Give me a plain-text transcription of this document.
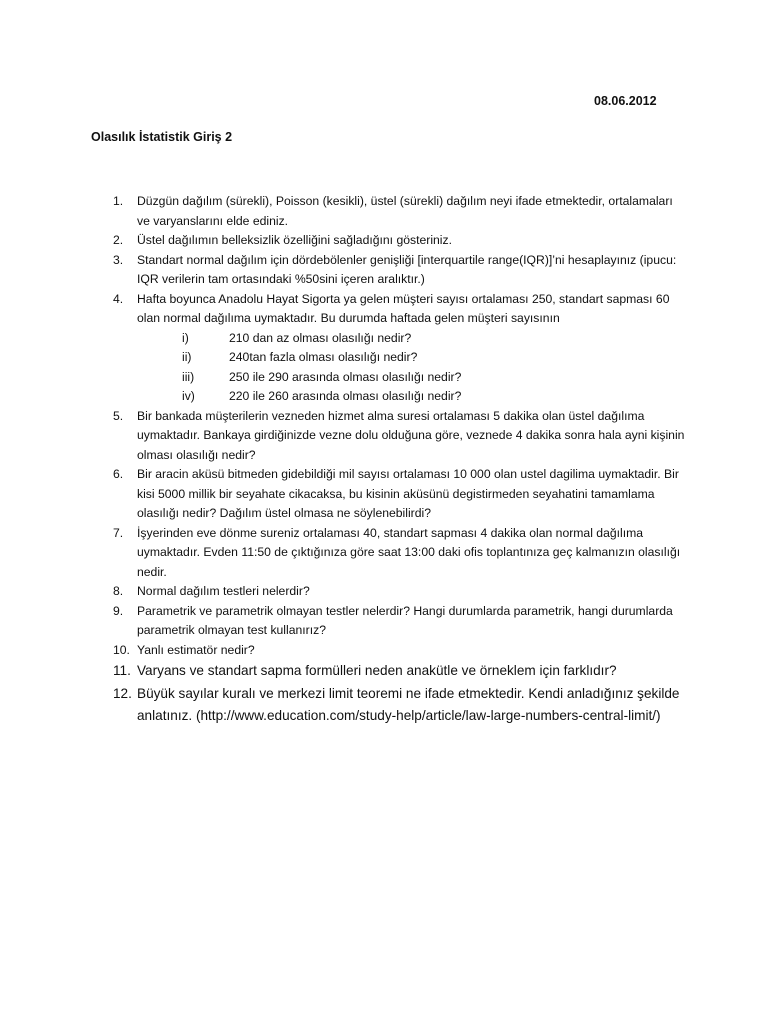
08.06.2012
Olasılık İstatistik Giriş 2
1. Düzgün dağılım (sürekli), Poisson (kesikli), üstel (sürekli) dağılım neyi ifade etmektedir, ortalamaları ve varyanslarını elde ediniz.
2. Üstel dağılımın belleksizlik özelliğini sağladığını gösteriniz.
3. Standart normal dağılım için dördebölenler genişliği [interquartile range(IQR)]’ni hesaplayınız (ipucu: IQR verilerin tam ortasındaki %50sini içeren aralıktır.)
4. Hafta boyunca Anadolu Hayat Sigorta ya gelen müşteri sayısı ortalaması 250, standart sapması 60 olan normal dağılıma uymaktadır. Bu durumda haftada gelen müşteri sayısının
i)	210 dan az olması olasılığı nedir?
ii)	240tan fazla olması olasılığı nedir?
iii)	250 ile 290 arasında olması olasılığı nedir?
iv)	220 ile 260 arasında olması olasılığı nedir?
5. Bir bankada müşterilerin vezneden hizmet alma suresi ortalaması 5 dakika olan üstel dağılıma uymaktadır. Bankaya girdiğinizde vezne dolu olduğuna göre, veznede 4 dakika sonra hala ayni kişinin olması olasılığı nedir?
6. Bir aracin aküsü bitmeden gidebildiği mil sayısı ortalaması 10 000 olan ustel dagilima uymaktadir. Bir kisi 5000 millik bir seyahate cikacaksa, bu kisinin aküsünü degistirmeden seyahatini tamamlama olasılığı nedir? Dağılım üstel olmasa ne söylenebilirdi?
7. İşyerinden eve dönme sureniz ortalaması 40, standart sapması 4 dakika olan normal dağılıma uymaktadır. Evden 11:50 de çıktığınıza göre saat 13:00 daki ofis toplantınıza geç kalmanızın olasılığı nedir.
8. Normal dağılım testleri nelerdir?
9. Parametrik ve parametrik olmayan testler nelerdir? Hangi durumlarda parametrik, hangi durumlarda parametrik olmayan test kullanırız?
10. Yanlı estimatör nedir?
11. Varyans ve standart sapma formülleri neden anakütle ve örneklem için farklıdır?
12. Büyük sayılar kuralı ve merkezi limit teoremi ne ifade etmektedir. Kendi anladığınız şekilde anlatınız. (http://www.education.com/study-help/article/law-large-numbers-central-limit/)
